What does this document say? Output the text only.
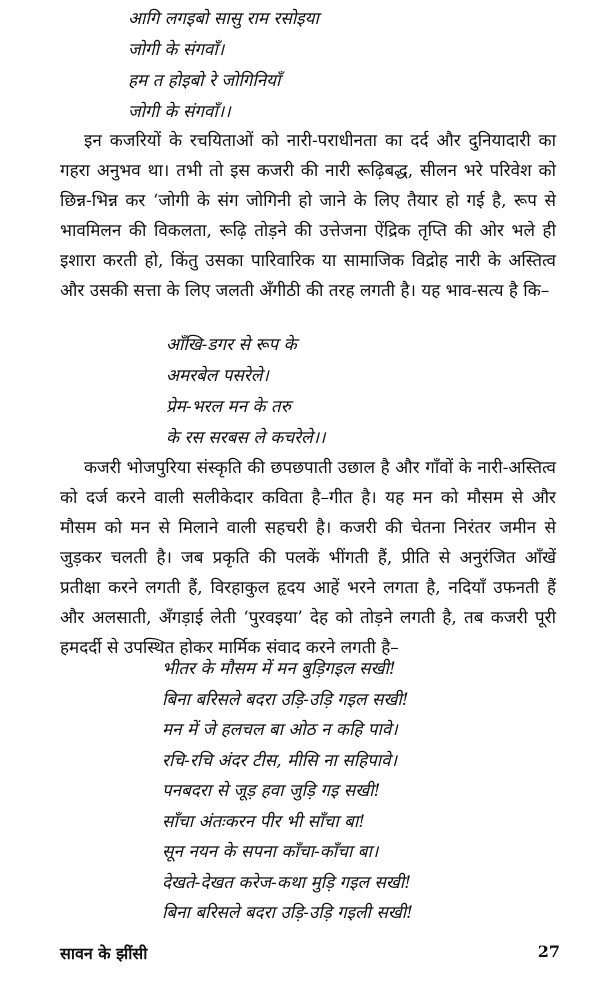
आगि लगइबो सासु राम रसोइया
जोगी के संगवाँ।
हम त होइबो रे जोगिनियाँ
जोगी के संगवाँ।।

इन कजरियों के रचयिताओं को नारी-पराधीनता का दर्द और दुनियादारी का गहरा अनुभव था। तभी तो इस कजरी की नारी रूढ़िबद्ध, सीलन भरे परिवेश को छिन्न-भिन्न कर ‘जोगी के संग जोगिनी हो जाने के लिए तैयार हो गई है, रूप से भावमिलन की विकलता, रूढ़ि तोड़ने की उत्तेजना ऐंद्रिक तृप्ति की ओर भले ही इशारा करती हो, किंतु उसका पारिवारिक या सामाजिक विद्रोह नारी के अस्तित्व और उसकी सत्ता के लिए जलती अँगीठी की तरह लगती है। यह भाव-सत्य है कि–

आँखि-डगर से रूप के
अमरबेल पसरेले।
प्रेम-भरल मन के तरु
के रस सरबस ले कचरेले।।

कजरी भोजपुरिया संस्कृति की छपछपाती उछाल है और गाँवों के नारी-अस्तित्व को दर्ज करने वाली सलीकेदार कविता है–गीत है। यह मन को मौसम से और मौसम को मन से मिलाने वाली सहचरी है। कजरी की चेतना निरंतर जमीन से जुड़कर चलती है। जब प्रकृति की पलकें भींगती हैं, प्रीति से अनुरंजित आँखें प्रतीक्षा करने लगती हैं, विरहाकुल हृदय आहें भरने लगता है, नदियाँ उफनती हैं और अलसाती, अँगड़ाई लेती ‘पुरवइया’ देह को तोड़ने लगती है, तब कजरी पूरी हमदर्दी से उपस्थित होकर मार्मिक संवाद करने लगती है–

भीतर के मौसम में मन बुड़िगइल सखी!
बिना बरिसले बदरा उड़ि-उड़ि गइल सखी!
मन में जे हलचल बा ओठ न कहि पावे।
रचि-रचि अंदर टीस, मीसि ना सहिपावे।
पनबदरा से जूड़ हवा जुड़ि गइ सखी!
साँचा अंतःकरन पीर भी साँचा बा!
सून नयन के सपना काँचा-काँचा बा।
देखते-देखत करेज-कथा मुड़ि गइल सखी!
बिना बरिसले बदरा उड़ि-उड़ि गइली सखी!
सावन के झींसी	27
